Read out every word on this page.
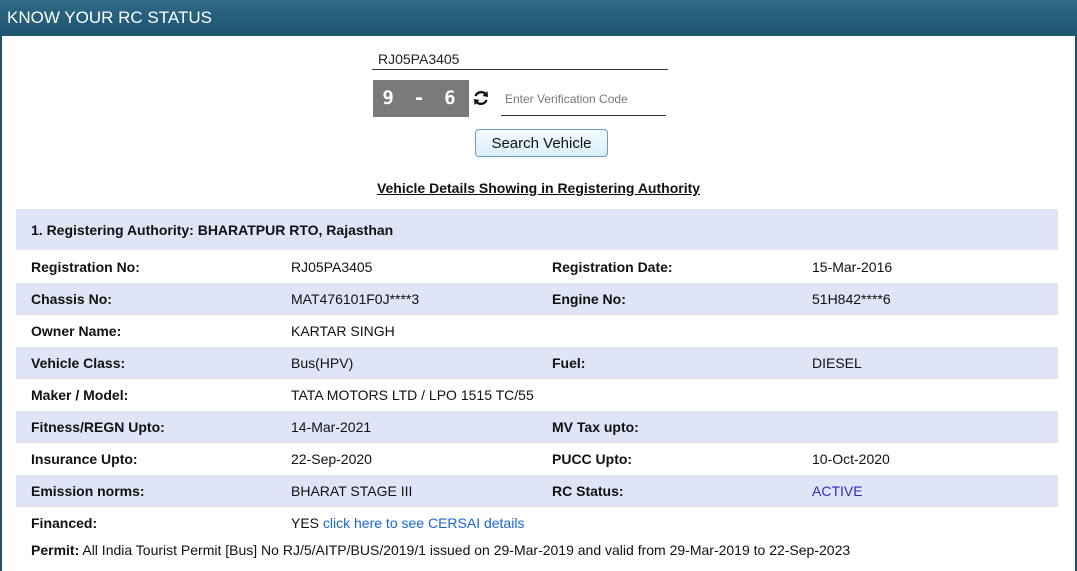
KNOW YOUR RC STATUS
RJ05PA3405
9 - 6
Enter Verification Code
Search Vehicle
Vehicle Details Showing in Registering Authority
1. Registering Authority: BHARATPUR RTO, Rajasthan
Registration No:	RJ05PA3405	Registration Date:	15-Mar-2016
Chassis No:	MAT476101F0J****3	Engine No:	51H842****6
Owner Name:	KARTAR SINGH
Vehicle Class:	Bus(HPV)	Fuel:	DIESEL
Maker / Model:	TATA MOTORS LTD / LPO 1515 TC/55
Fitness/REGN Upto:	14-Mar-2021	MV Tax upto:
Insurance Upto:	22-Sep-2020	PUCC Upto:	10-Oct-2020
Emission norms:	BHARAT STAGE III	RC Status:	ACTIVE
Financed:	YES click here to see CERSAI details
Permit: All India Tourist Permit [Bus] No RJ/5/AITP/BUS/2019/1 issued on 29-Mar-2019 and valid from 29-Mar-2019 to 22-Sep-2023
